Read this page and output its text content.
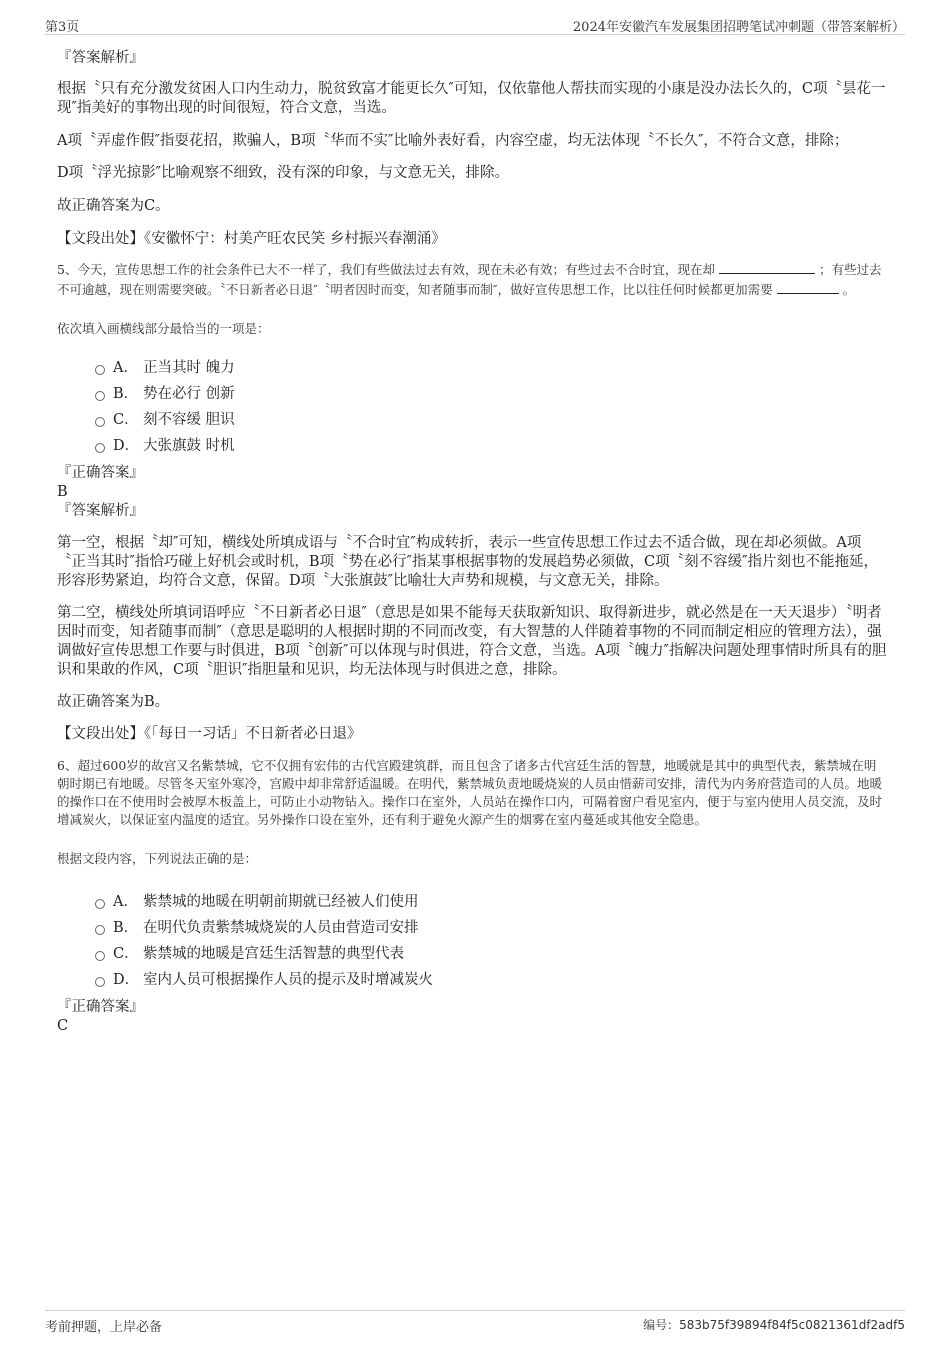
第3页	2024年安徽汽车发展集团招聘笔试冲刺题（带答案解析）
『答案解析』
根据〝只有充分激发贫困人口内生动力，脱贫致富才能更长久″可知，仅依靠他人帮扶而实现的小康是没办法长久的，C项〝昙花一现″指美好的事物出现的时间很短，符合文意，当选。
A项〝弄虚作假″指耍花招，欺骗人，B项〝华而不实″比喻外表好看，内容空虚，均无法体现〝不长久″，不符合文意，排除；
D项〝浮光掠影″比喻观察不细致，没有深的印象，与文意无关，排除。
故正确答案为C。
【文段出处】《安徽怀宁：村美产旺农民笑 乡村振兴春潮涌》
5、今天，宣传思想工作的社会条件已大不一样了，我们有些做法过去有效，现在未必有效；有些过去不合时宜，现在却	；有些过去不可逾越，现在则需要突破。〝不日新者必日退″〝明者因时而变，知者随事而制″，做好宣传思想工作，比以往任何时候都更加需要	。
依次填入画横线部分最恰当的一项是：
A． 正当其时 魄力
B． 势在必行 创新
C． 刻不容缓 胆识
D． 大张旗鼓 时机
『正确答案』
B
『答案解析』
第一空，根据〝却″可知，横线处所填成语与〝不合时宜″构成转折，表示一些宣传思想工作过去不适合做，现在却必须做。A项〝正当其时″指恰巧碰上好机会或时机，B项〝势在必行″指某事根据事物的发展趋势必须做，C项〝刻不容缓″指片刻也不能拖延，形容形势紧迫，均符合文意，保留。D项〝大张旗鼓″比喻壮大声势和规模，与文意无关，排除。
第二空，横线处所填词语呼应〝不日新者必日退″（意思是如果不能每天获取新知识、取得新进步，就必然是在一天天退步）〝明者因时而变，知者随事而制″（意思是聪明的人根据时期的不同而改变，有大智慧的人伴随着事物的不同而制定相应的管理方法），强调做好宣传思想工作要与时俱进，B项〝创新″可以体现与时俱进，符合文意，当选。A项〝魄力″指解决问题处理事情时所具有的胆识和果敢的作风，C项〝胆识″指胆量和见识，均无法体现与时俱进之意，排除。
故正确答案为B。
【文段出处】《「每日一习话」不日新者必日退》
6、超过600岁的故宫又名紫禁城，它不仅拥有宏伟的古代宫殿建筑群，而且包含了诸多古代宫廷生活的智慧，地暖就是其中的典型代表，紫禁城在明朝时期已有地暖。尽管冬天室外寒冷，宫殿中却非常舒适温暖。在明代，紫禁城负责地暖烧炭的人员由惜薪司安排，清代为内务府营造司的人员。地暖的操作口在不使用时会被厚木板盖上，可防止小动物钻入。操作口在室外，人员站在操作口内，可隔着窗户看见室内，便于与室内使用人员交流，及时增减炭火，以保证室内温度的适宜。另外操作口设在室外，还有利于避免火源产生的烟雾在室内蔓延或其他安全隐患。
根据文段内容，下列说法正确的是：
A． 紫禁城的地暖在明朝前期就已经被人们使用
B． 在明代负责紫禁城烧炭的人员由营造司安排
C． 紫禁城的地暖是宫廷生活智慧的典型代表
D． 室内人员可根据操作人员的提示及时增减炭火
『正确答案』
C
考前押题，上岸必备	编号：583b75f39894f84f5c0821361df2adf5
